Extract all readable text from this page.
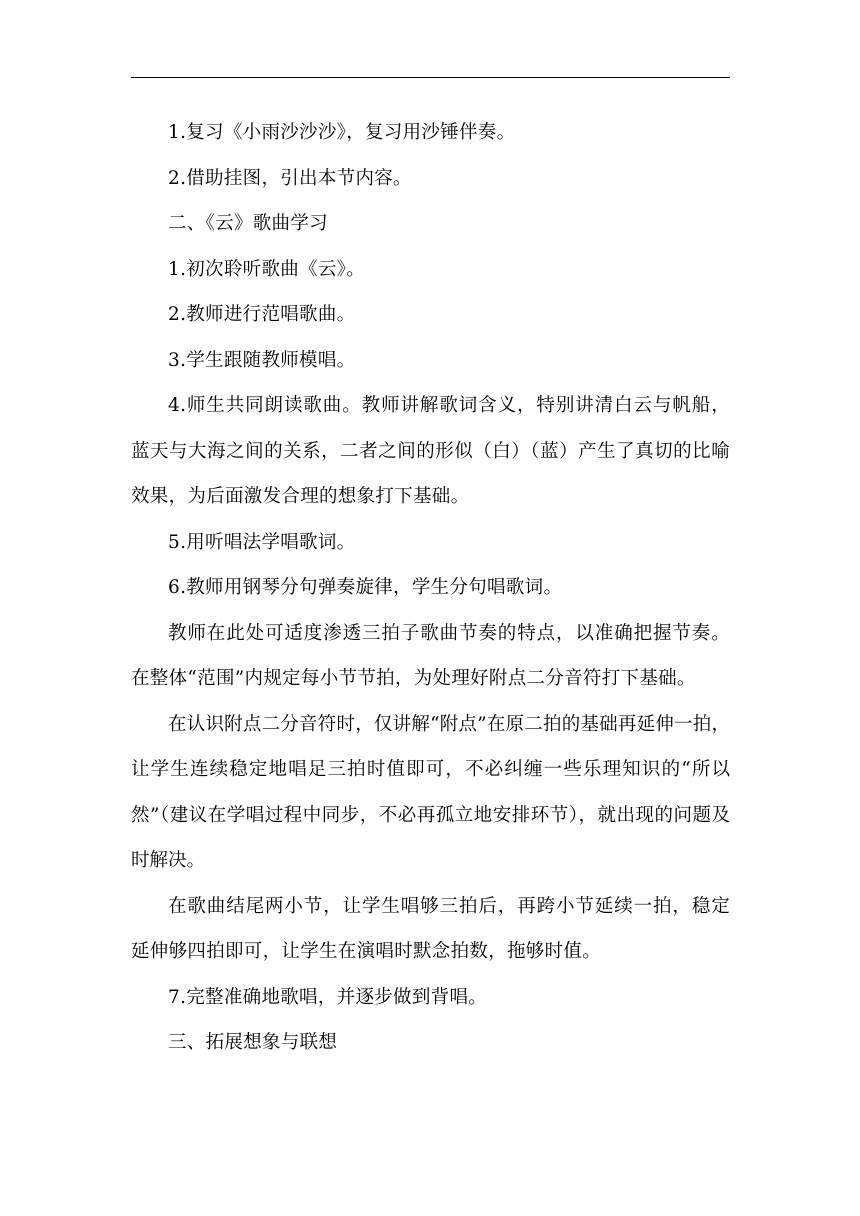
1.复习《小雨沙沙沙》，复习用沙锤伴奏。

2.借助挂图，引出本节内容。

二、《云》歌曲学习

1.初次聆听歌曲《云》。

2.教师进行范唱歌曲。

3.学生跟随教师模唱。

4.师生共同朗读歌曲。教师讲解歌词含义，特别讲清白云与帆船，蓝天与大海之间的关系，二者之间的形似（白）（蓝）产生了真切的比喻效果，为后面激发合理的想象打下基础。

5.用听唱法学唱歌词。

6.教师用钢琴分句弹奏旋律，学生分句唱歌词。

教师在此处可适度渗透三拍子歌曲节奏的特点，以准确把握节奏。在整体“范围”内规定每小节节拍，为处理好附点二分音符打下基础。

在认识附点二分音符时，仅讲解“附点”在原二拍的基础再延伸一拍，让学生连续稳定地唱足三拍时值即可，不必纠缠一些乐理知识的“所以然”（建议在学唱过程中同步，不必再孤立地安排环节），就出现的问题及时解决。

在歌曲结尾两小节，让学生唱够三拍后，再跨小节延续一拍，稳定延伸够四拍即可，让学生在演唱时默念拍数，拖够时值。

7.完整准确地歌唱，并逐步做到背唱。

三、拓展想象与联想
